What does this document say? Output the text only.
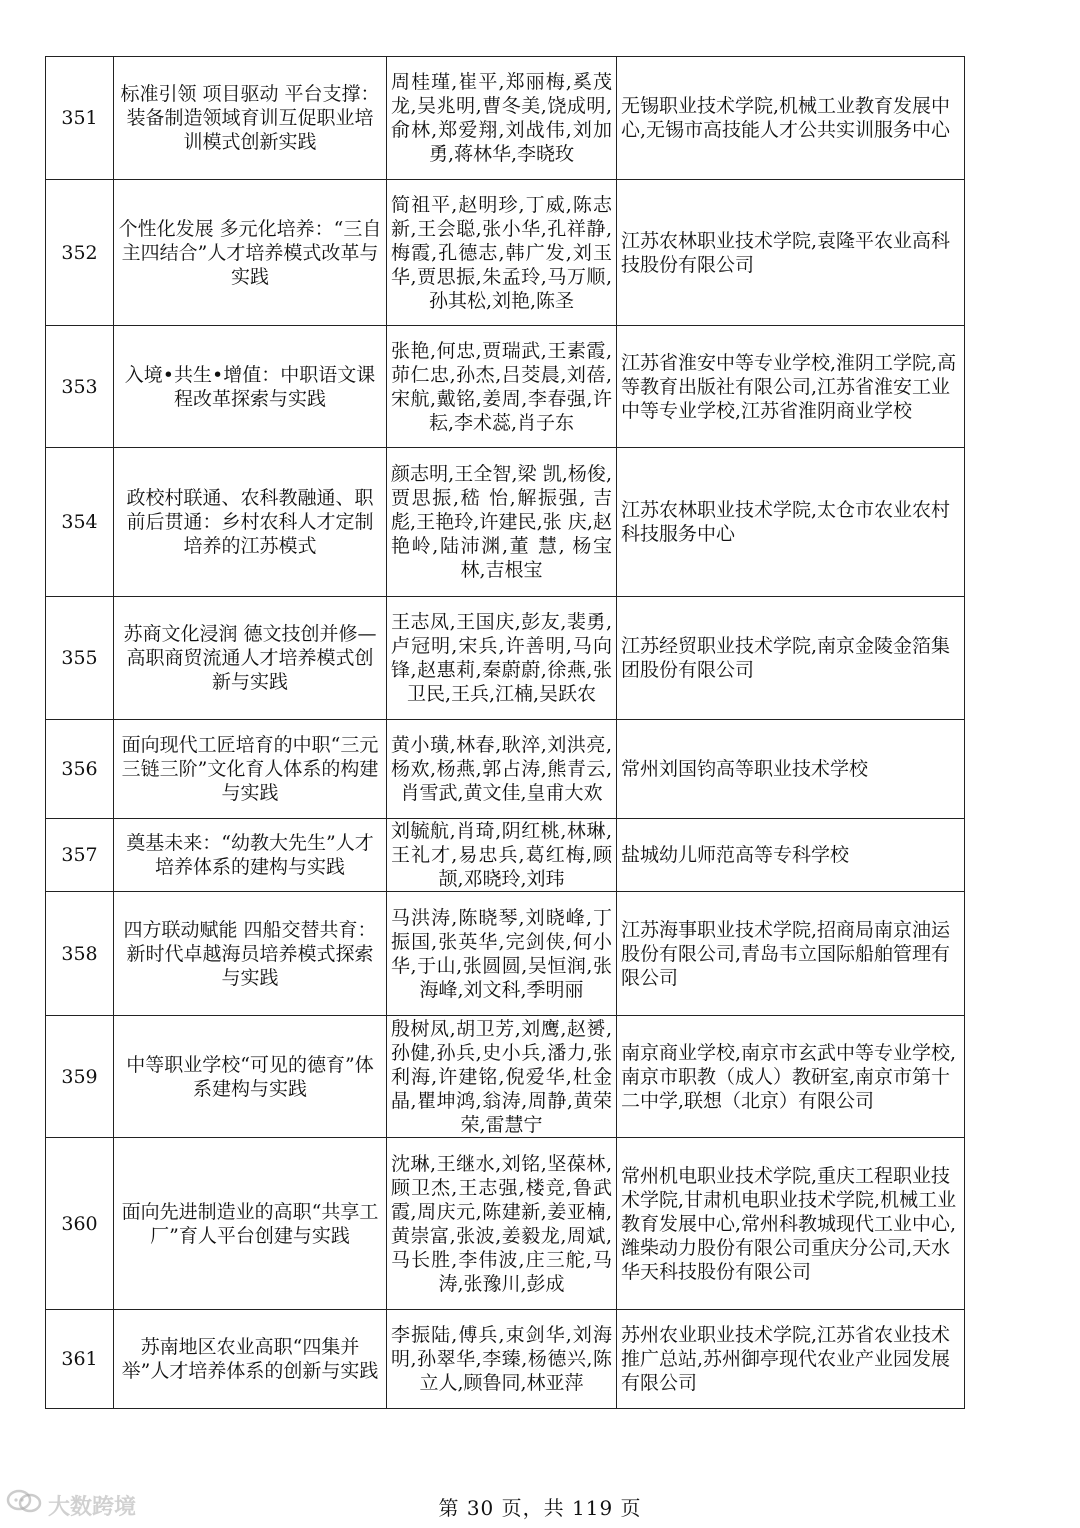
351	标准引领 项目驱动 平台支撑：装备制造领域育训互促职业培训模式创新实践	周桂瑾,崔平,郑丽梅,奚茂龙,吴兆明,曹冬美,饶成明,俞林,郑爱翔,刘战伟,刘加勇,蒋林华,李晓玫	无锡职业技术学院,机械工业教育发展中心,无锡市高技能人才公共实训服务中心
352	个性化发展 多元化培养：“三自主四结合”人才培养模式改革与实践	简祖平,赵明珍,丁威,陈志新,王会聪,张小华,孔祥静,梅霞,孔德志,韩广发,刘玉华,贾思振,朱孟玲,马万顺,孙其松,刘艳,陈圣	江苏农林职业技术学院,袁隆平农业高科技股份有限公司
353	入境•共生•增值：中职语文课程改革探索与实践	张艳,何忠,贾瑞武,王素霞,茆仁忠,孙杰,吕茭晨,刘蓓,宋航,戴铭,姜周,李春强,许耘,李术蕊,肖子东	江苏省淮安中等专业学校,淮阴工学院,高等教育出版社有限公司,江苏省淮安工业中等专业学校,江苏省淮阴商业学校
354	政校村联通、农科教融通、职前后贯通：乡村农科人才定制培养的江苏模式	颜志明,王全智,梁 凯,杨俊,贾思振,嵇 怡,解振强, 吉 彪,王艳玲,许建民,张 庆,赵艳岭,陆沛渊,董 慧, 杨宝林,吉根宝	江苏农林职业技术学院,太仓市农业农村科技服务中心
355	苏商文化浸润 德文技创并修—高职商贸流通人才培养模式创新与实践	王志凤,王国庆,彭友,裴勇,卢冠明,宋兵,许善明,马向锋,赵惠莉,秦蔚蔚,徐燕,张卫民,王兵,江楠,吴跃农	江苏经贸职业技术学院,南京金陵金箔集团股份有限公司
356	面向现代工匠培育的中职“三元三链三阶”文化育人体系的构建与实践	黄小璜,林春,耿淬,刘洪亮,杨欢,杨燕,郭占涛,熊青云,肖雪武,黄文佳,皇甫大欢	常州刘国钧高等职业技术学校
357	奠基未来：“幼教大先生”人才培养体系的建构与实践	刘毓航,肖琦,阴红桃,林琳,王礼才,易忠兵,葛红梅,顾颉,邓晓玲,刘玮	盐城幼儿师范高等专科学校
358	四方联动赋能 四船交替共育：新时代卓越海员培养模式探索与实践	马洪涛,陈晓琴,刘晓峰,丁振国,张英华,完剑侠,何小华,于山,张圆圆,吴恒润,张海峰,刘文科,季明丽	江苏海事职业技术学院,招商局南京油运股份有限公司,青岛韦立国际船舶管理有限公司
359	中等职业学校“可见的德育”体系建构与实践	殷树凤,胡卫芳,刘鹰,赵赟,孙健,孙兵,史小兵,潘力,张利海,许建铭,倪爱华,杜金晶,瞿坤鸿,翁涛,周静,黄荣荣,雷慧宁	南京商业学校,南京市玄武中等专业学校,南京市职教（成人）教研室,南京市第十二中学,联想（北京）有限公司
360	面向先进制造业的高职“共享工厂”育人平台创建与实践	沈琳,王继水,刘铭,坚葆林,顾卫杰,王志强,楼竞,鲁武霞,周庆元,陈建新,姜亚楠,黄崇富,张波,姜毅龙,周斌,马长胜,李伟波,庄三舵,马涛,张豫川,彭成	常州机电职业技术学院,重庆工程职业技术学院,甘肃机电职业技术学院,机械工业教育发展中心,常州科教城现代工业中心,潍柴动力股份有限公司重庆分公司,天水华天科技股份有限公司
361	苏南地区农业高职“四集并举”人才培养体系的创新与实践	李振陆,傅兵,束剑华,刘海明,孙翠华,李臻,杨德兴,陈立人,顾鲁同,林亚萍	苏州农业职业技术学院,江苏省农业技术推广总站,苏州御亭现代农业产业园发展有限公司
大数跨境	第 30 页，共 119 页
